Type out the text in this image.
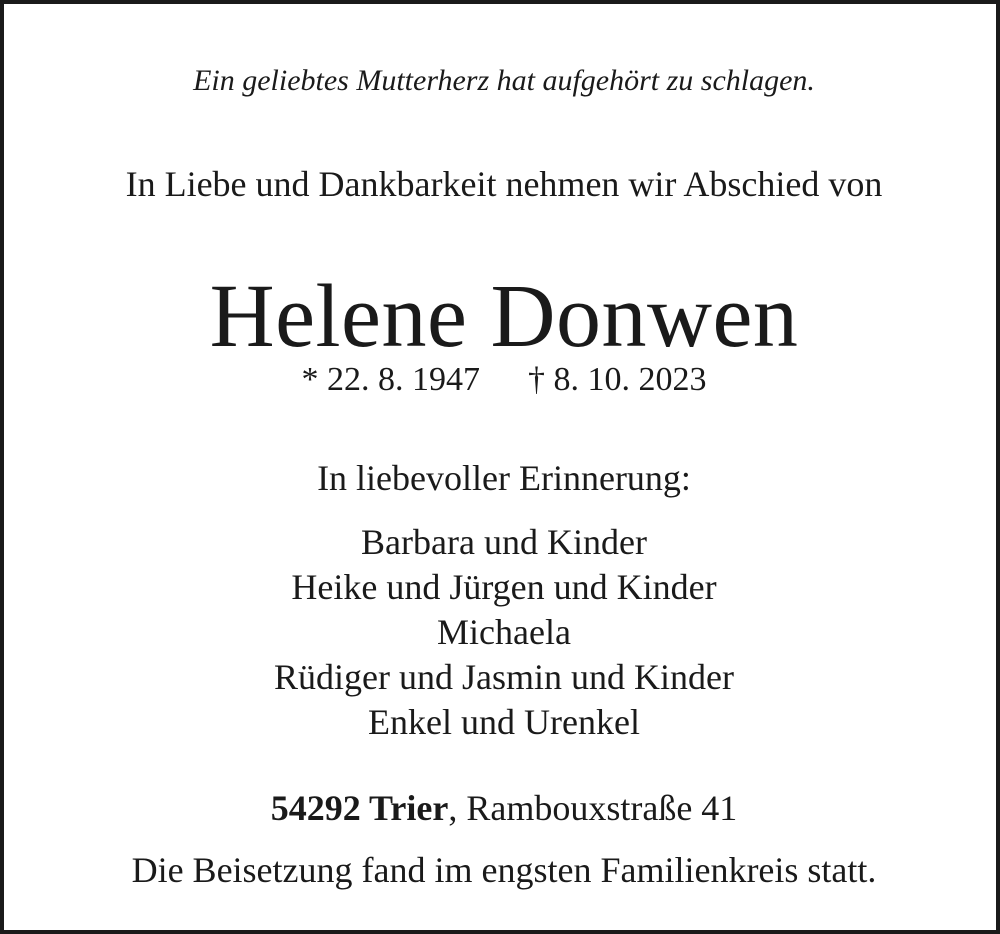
Ein geliebtes Mutterherz hat aufgehört zu schlagen.
In Liebe und Dankbarkeit nehmen wir Abschied von
Helene Donwen
* 22. 8. 1947 † 8. 10. 2023
In liebevoller Erinnerung:
Barbara und Kinder
Heike und Jürgen und Kinder
Michaela
Rüdiger und Jasmin und Kinder
Enkel und Urenkel
54292 Trier, Rambouxstraße 41
Die Beisetzung fand im engsten Familienkreis statt.
